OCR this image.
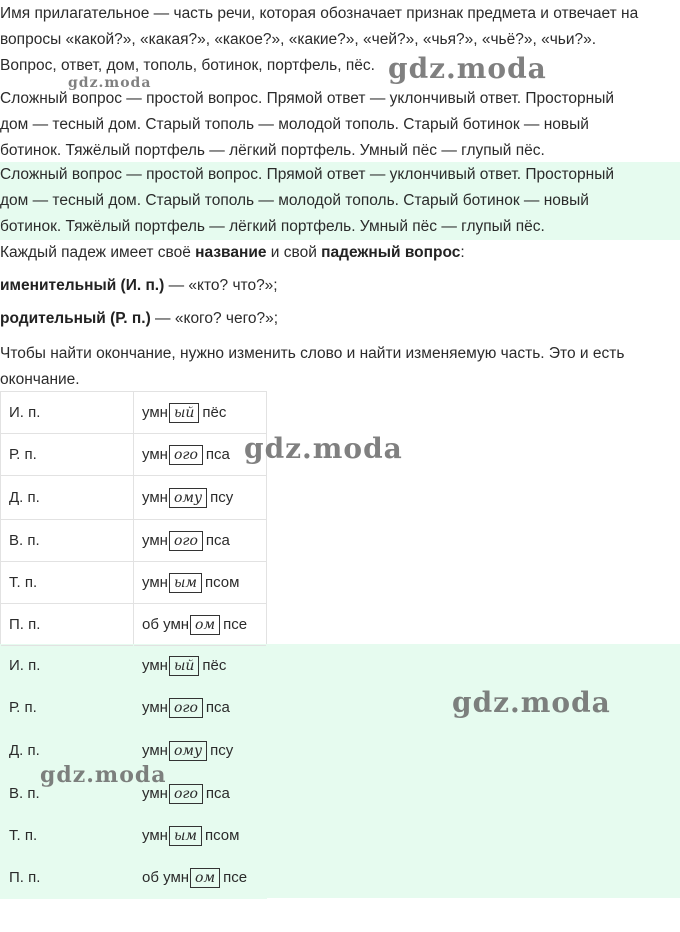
Имя прилагательное — часть речи, которая обозначает признак предмета и отвечает на

вопросы «какой?», «какая?», «какое?», «какие?», «чей?», «чья?», «чьё?», «чьи?».

Вопрос, ответ, дом, тополь, ботинок, портфель, пёс.

Сложный вопрос — простой вопрос. Прямой ответ — уклончивый ответ. Просторный

дом — тесный дом. Старый тополь — молодой тополь. Старый ботинок — новый

ботинок. Тяжёлый портфель — лёгкий портфель. Умный пёс — глупый пёс.

Сложный вопрос — простой вопрос. Прямой ответ — уклончивый ответ. Просторный

дом — тесный дом. Старый тополь — молодой тополь. Старый ботинок — новый

ботинок. Тяжёлый портфель — лёгкий портфель. Умный пёс — глупый пёс.

Каждый падеж имеет своё название и свой падежный вопрос:

именительный (И. п.) — «кто? что?»;

родительный (Р. п.) — «кого? чего?»;

Чтобы найти окончание, нужно изменить слово и найти изменяемую часть. Это и есть

окончание.

И. п.	умн ый пёс
Р. п.	умн ого пса
Д. п.	умн ому псу
В. п.	умн ого пса
Т. п.	умн ым псом
П. п.	об умн ом псе
И. п.	умн ый пёс
Р. п.	умн ого пса
Д. п.	умн ому псу
В. п.	умн ого пса
Т. п.	умн ым псом
П. п.	об умн ом псе
gdz.moda
gdz.moda
gdz.moda
gdz.moda
gdz.moda
